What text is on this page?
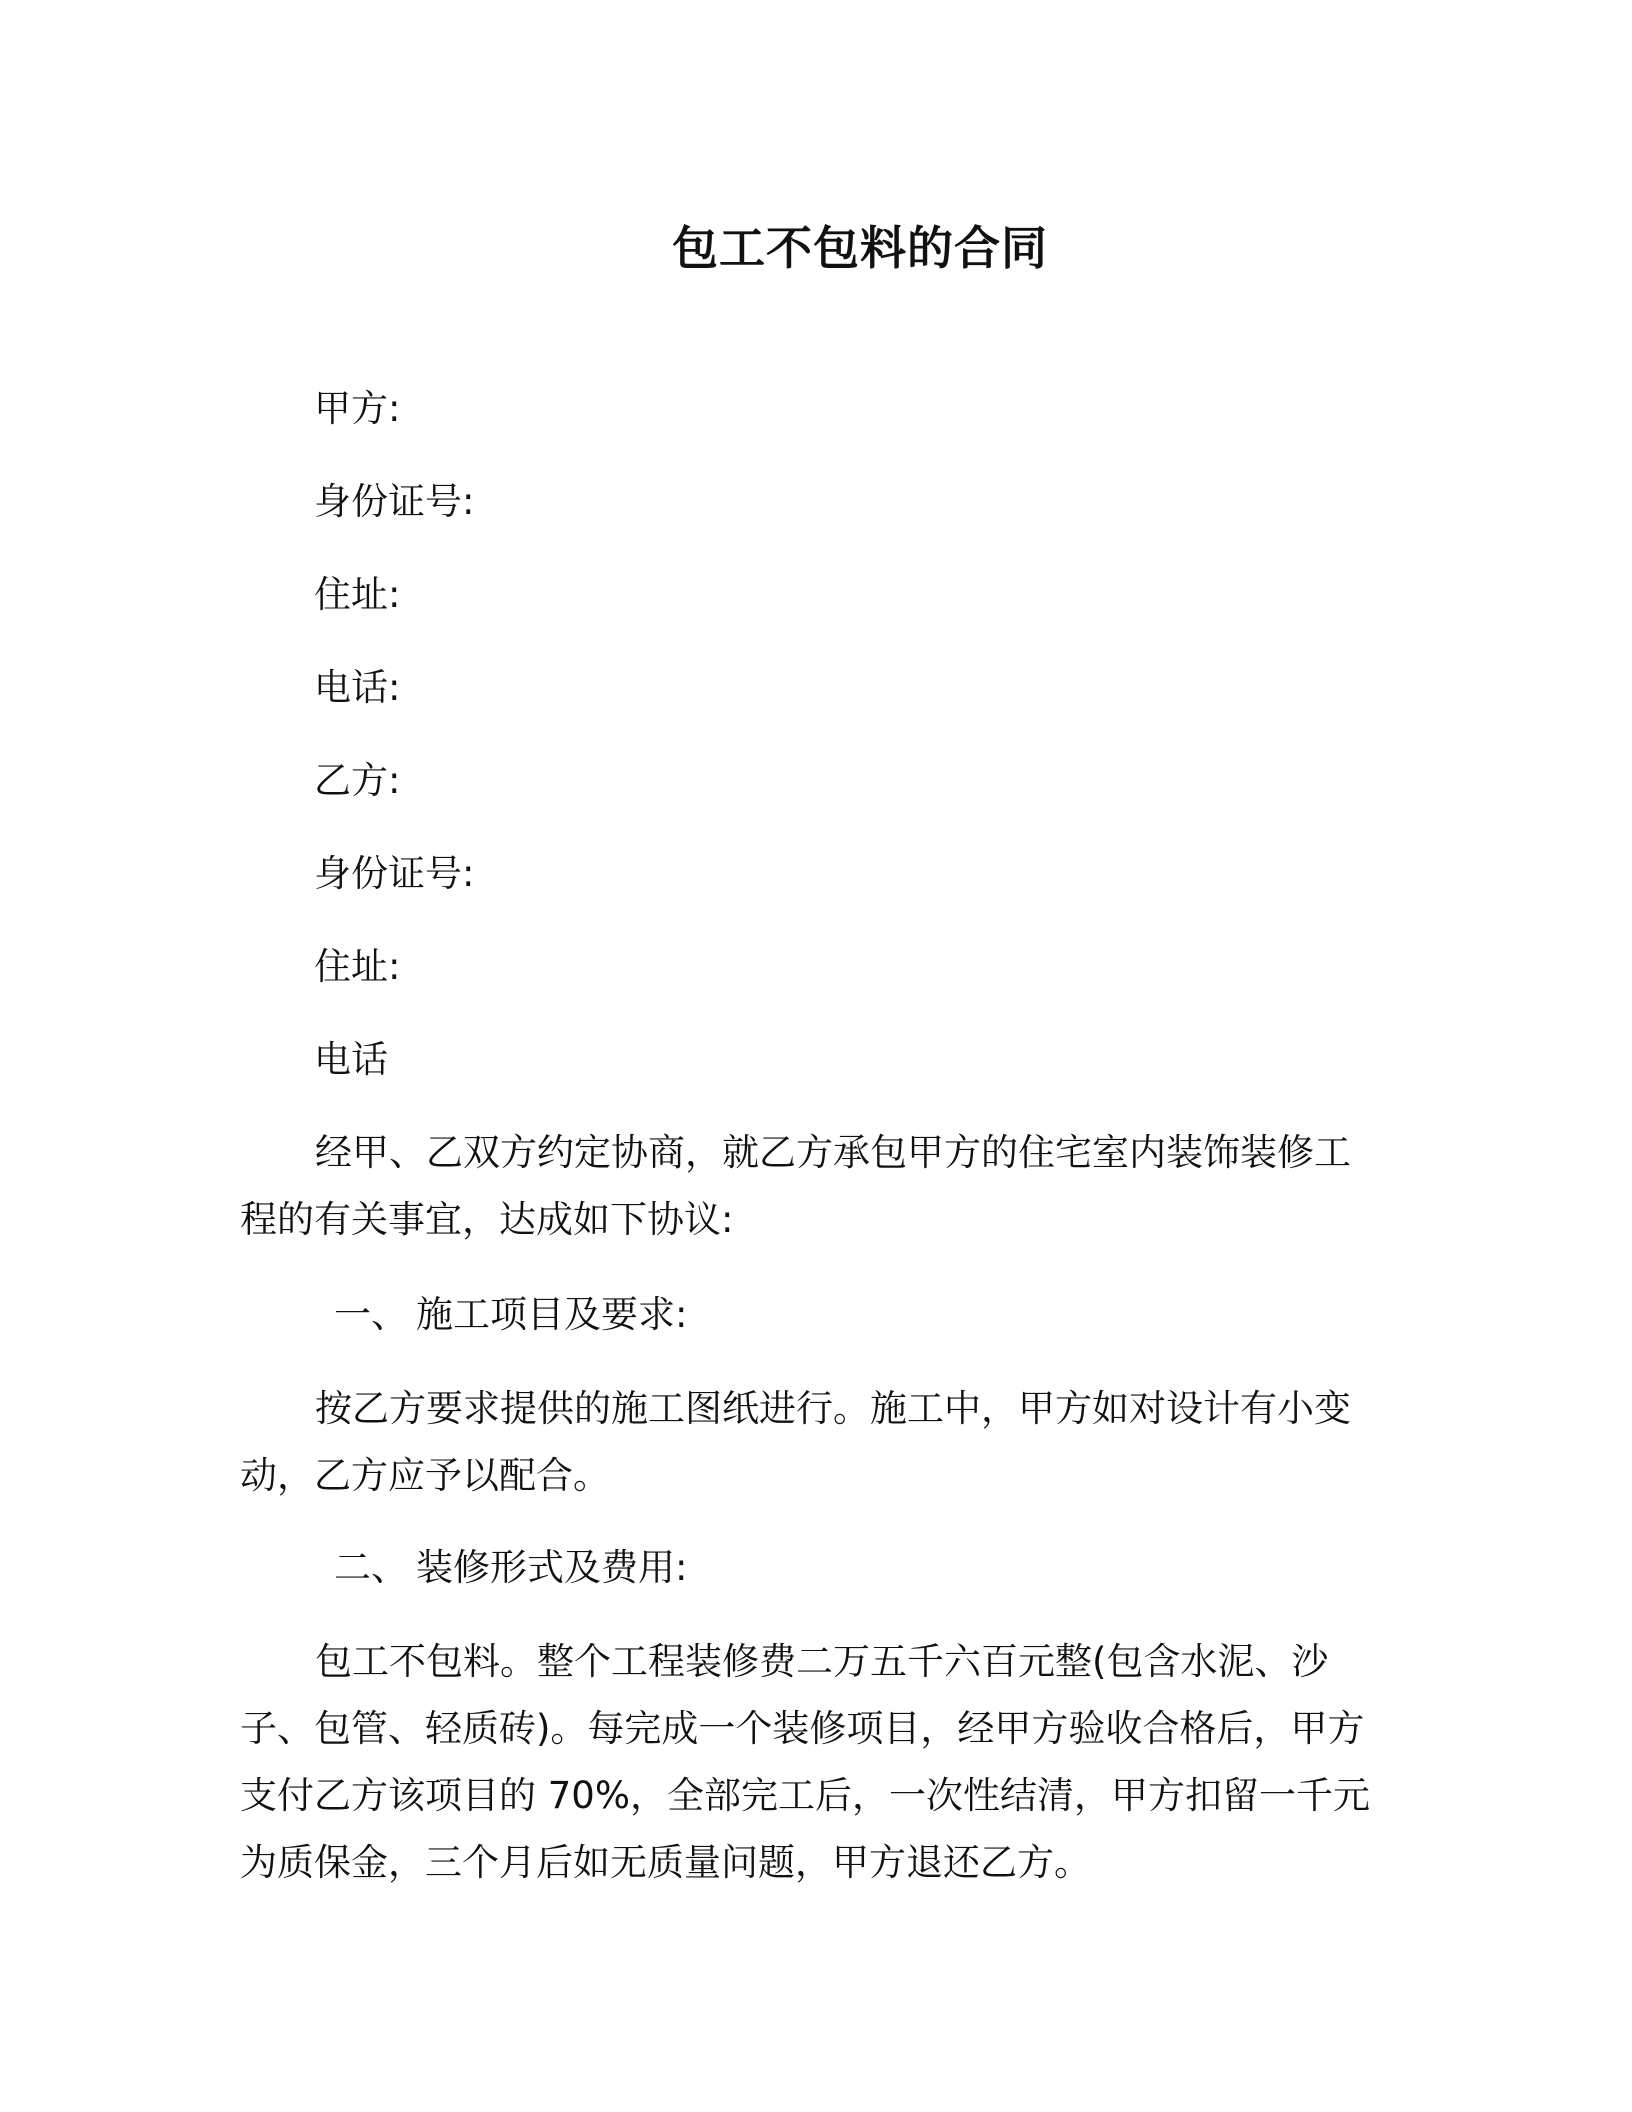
包工不包料的合同
甲方:
身份证号:
住址:
电话:
乙方:
身份证号:
住址:
电话
经甲、乙双方约定协商，就乙方承包甲方的住宅室内装饰装修工程的有关事宜，达成如下协议:
一、 施工项目及要求:
按乙方要求提供的施工图纸进行。施工中，甲方如对设计有小变动，乙方应予以配合。
二、 装修形式及费用:
包工不包料。整个工程装修费二万五千六百元整(包含水泥、沙子、包管、轻质砖)。每完成一个装修项目，经甲方验收合格后，甲方支付乙方该项目的 70%，全部完工后，一次性结清，甲方扣留一千元为质保金，三个月后如无质量问题，甲方退还乙方。
